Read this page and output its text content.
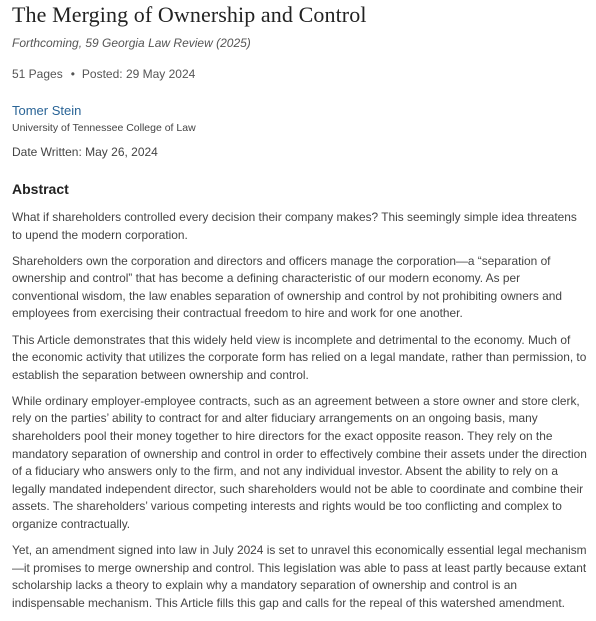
The Merging of Ownership and Control
Forthcoming, 59 Georgia Law Review (2025)
51 Pages • Posted: 29 May 2024
Tomer Stein
University of Tennessee College of Law
Date Written: May 26, 2024
Abstract

What if shareholders controlled every decision their company makes? This seemingly simple idea threatens to upend the modern corporation.

Shareholders own the corporation and directors and officers manage the corporation—a “separation of ownership and control” that has become a defining characteristic of our modern economy. As per conventional wisdom, the law enables separation of ownership and control by not prohibiting owners and employees from exercising their contractual freedom to hire and work for one another.

This Article demonstrates that this widely held view is incomplete and detrimental to the economy. Much of the economic activity that utilizes the corporate form has relied on a legal mandate, rather than permission, to establish the separation between ownership and control.

While ordinary employer-employee contracts, such as an agreement between a store owner and store clerk, rely on the parties’ ability to contract for and alter fiduciary arrangements on an ongoing basis, many shareholders pool their money together to hire directors for the exact opposite reason. They rely on the mandatory separation of ownership and control in order to effectively combine their assets under the direction of a fiduciary who answers only to the firm, and not any individual investor. Absent the ability to rely on a legally mandated independent director, such shareholders would not be able to coordinate and combine their assets. The shareholders’ various competing interests and rights would be too conflicting and complex to organize contractually.

Yet, an amendment signed into law in July 2024 is set to unravel this economically essential legal mechanism—it promises to merge ownership and control. This legislation was able to pass at least partly because extant scholarship lacks a theory to explain why a mandatory separation of ownership and control is an indispensable mechanism. This Article fills this gap and calls for the repeal of this watershed amendment.
